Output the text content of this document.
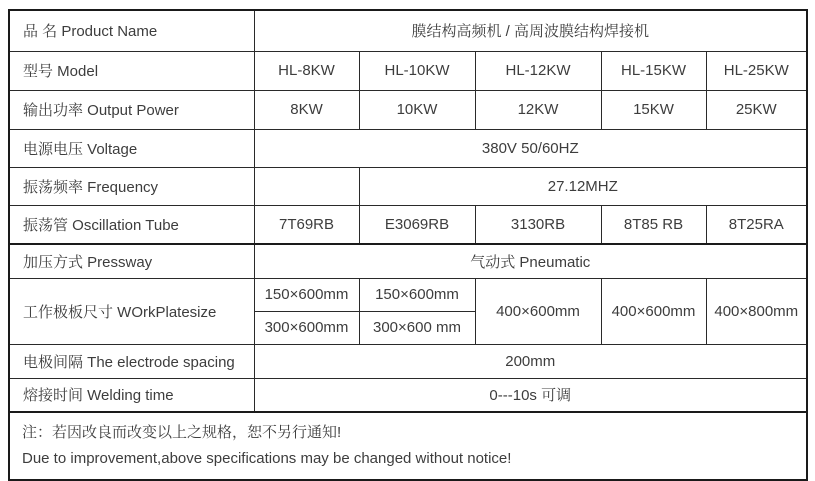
品 名 Product Name	膜结构高频机 / 高周波膜结构焊接机				
型号 Model	HL-8KW	HL-10KW	HL-12KW	HL-15KW	HL-25KW
输出功率 Output Power	8KW	10KW	12KW	15KW	25KW
电源电压 Voltage	380V 50/60HZ				
振荡频率 Frequency		27.12MHZ			
振荡管 Oscillation Tube	7T69RB	E3069RB	3130RB	8T85 RB	8T25RA
加压方式 Pressway	气动式 Pneumatic				
工作极板尺寸 WOrkPlatesize	150×600mm	150×600mm	400×600mm	400×600mm	400×800mm
	300×600mm	300×600 mm			
电极间隔 The electrode spacing	200mm				
熔接时间 Welding time	0---10s 可调				

注：若因改良而改变以上之规格，恕不另行通知!
Due to improvement,above specifications may be changed without notice!					
